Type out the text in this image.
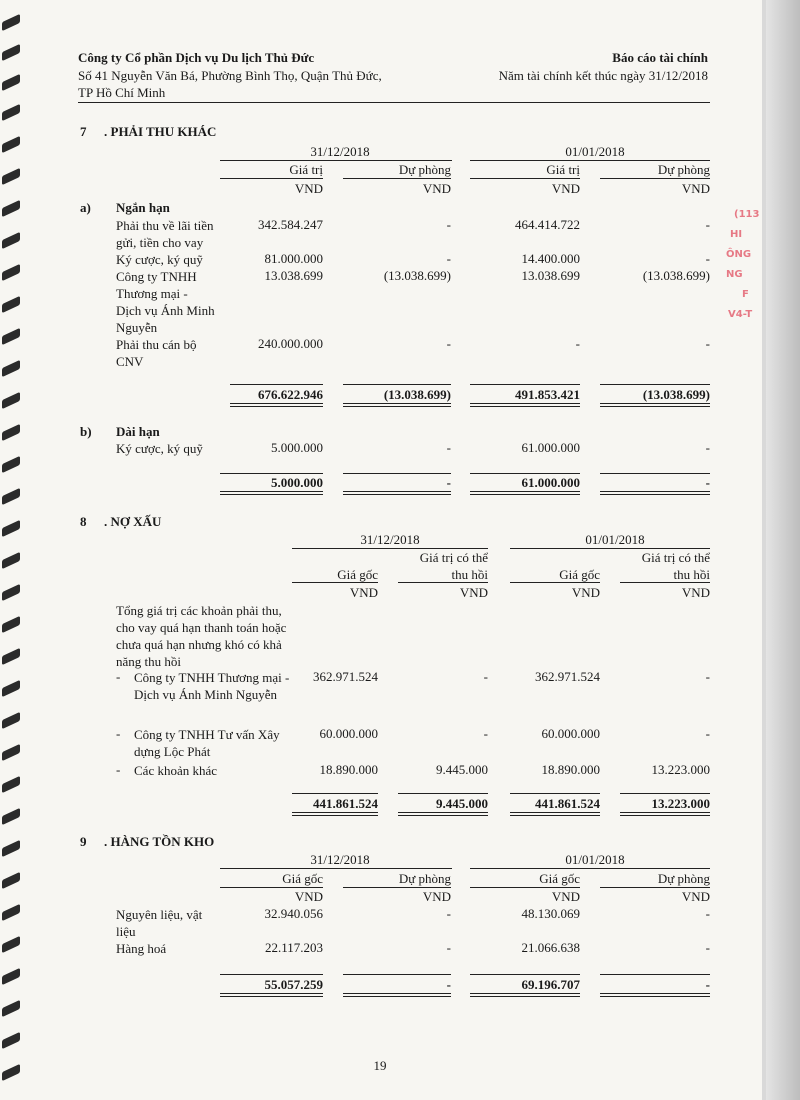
(113
HI
ÔNG
NG
F
V4-T
Công ty Cổ phần Dịch vụ Du lịch Thủ Đức
Số 41 Nguyễn Văn Bá, Phường Bình Thọ, Quận Thủ Đức,
TP Hồ Chí Minh
Báo cáo tài chính
Năm tài chính kết thúc ngày 31/12/2018
7 . PHẢI THU KHÁC
31/12/2018	01/01/2018
Giá trị	Dự phòng	Giá trị	Dự phòng
VND	VND	VND	VND
a) Ngắn hạn
Phải thu về lãi tiền gửi, tiền cho vay
342.584.247	-	464.414.722	-
Ký cược, ký quỹ	81.000.000	-	14.400.000	-
Công ty TNHH Thương mại - Dịch vụ Ánh Minh Nguyễn
13.038.699	(13.038.699)	13.038.699	(13.038.699)
Phải thu cán bộ CNV
240.000.000	-	-	-
676.622.946	(13.038.699)	491.853.421	(13.038.699)
b) Dài hạn
Ký cược, ký quỹ	5.000.000	-	61.000.000	-
5.000.000	-	61.000.000	-
8 . NỢ XẤU
31/12/2018	01/01/2018
Giá trị có thể	Giá trị có thể
Giá gốc	thu hồi	Giá gốc	thu hồi
VND	VND	VND	VND
Tổng giá trị các khoản phải thu, cho vay quá hạn thanh toán hoặc chưa quá hạn nhưng khó có khả năng thu hồi
- Công ty TNHH Thương mại - Dịch vụ Ánh Minh Nguyễn
362.971.524	-	362.971.524	-
- Công ty TNHH Tư vấn Xây dựng Lộc Phát
60.000.000	-	60.000.000	-
- Các khoản khác	18.890.000	9.445.000	18.890.000	13.223.000
441.861.524	9.445.000	441.861.524	13.223.000
9 . HÀNG TỒN KHO
31/12/2018	01/01/2018
Giá gốc	Dự phòng	Giá gốc	Dự phòng
VND	VND	VND	VND
Nguyên liệu, vật liệu
32.940.056	-	48.130.069	-
Hàng hoá	22.117.203	-	21.066.638	-
55.057.259	-	69.196.707	-
19
